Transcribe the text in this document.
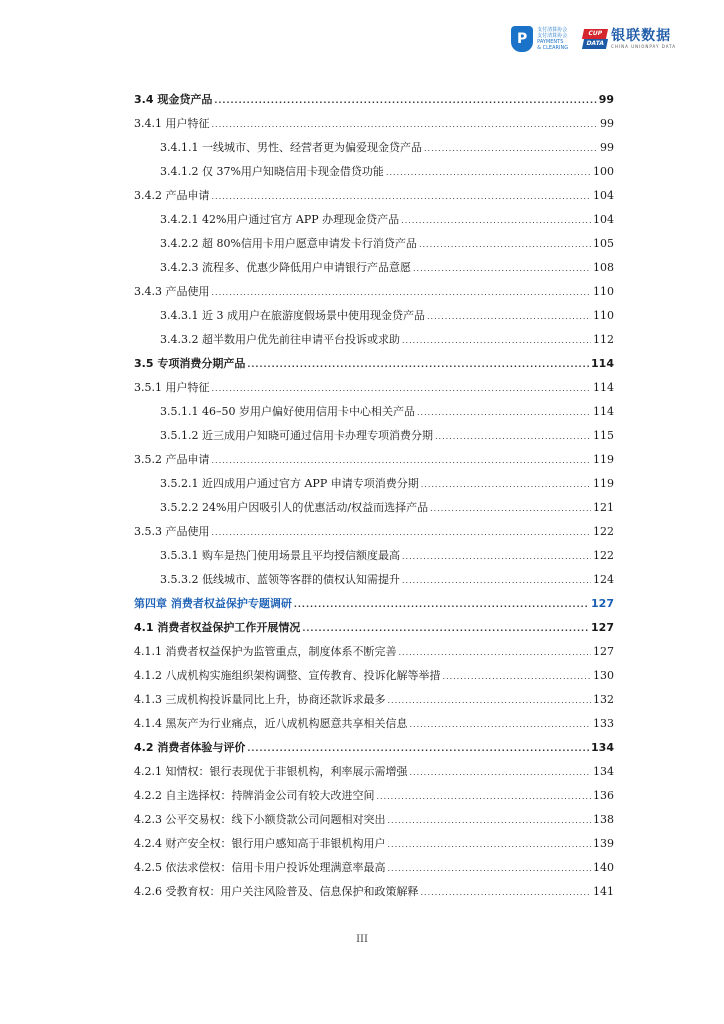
P
支付清算协会
支付清算协会
PAYMENTS
& CLEARING
CUP
DATA 银联数据
CHINA UNIONPAY DATA
3.4 现金贷产品 .....	99
3.4.1 用户特征 .....	99
3.4.1.1 一线城市、男性、经营者更为偏爱现金贷产品 .....	99
3.4.1.2 仅 37%用户知晓信用卡现金借贷功能 .....	100
3.4.2 产品申请 .....	104
3.4.2.1 42%用户通过官方 APP 办理现金贷产品 .....	104
3.4.2.2 超 80%信用卡用户愿意申请发卡行消贷产品 .....	105
3.4.2.3 流程多、优惠少降低用户申请银行产品意愿 .....	108
3.4.3 产品使用 .....	110
3.4.3.1 近 3 成用户在旅游度假场景中使用现金贷产品 .....	110
3.4.3.2 超半数用户优先前往申请平台投诉或求助 .....	112
3.5 专项消费分期产品 .....	114
3.5.1 用户特征 .....	114
3.5.1.1 46–50 岁用户偏好使用信用卡中心相关产品 .....	114
3.5.1.2 近三成用户知晓可通过信用卡办理专项消费分期 .....	115
3.5.2 产品申请 .....	119
3.5.2.1 近四成用户通过官方 APP 申请专项消费分期 .....	119
3.5.2.2 24%用户因吸引人的优惠活动/权益而选择产品 .....	121
3.5.3 产品使用 .....	122
3.5.3.1 购车是热门使用场景且平均授信额度最高 .....	122
3.5.3.2 低线城市、蓝领等客群的债权认知需提升 .....	124
第四章 消费者权益保护专题调研 .....	127
4.1 消费者权益保护工作开展情况 .....	127
4.1.1 消费者权益保护为监管重点，制度体系不断完善 .....	127
4.1.2 八成机构实施组织架构调整、宣传教育、投诉化解等举措 .....	130
4.1.3 三成机构投诉量同比上升，协商还款诉求最多 .....	132
4.1.4 黑灰产为行业痛点，近八成机构愿意共享相关信息 .....	133
4.2 消费者体验与评价 .....	134
4.2.1 知情权：银行表现优于非银机构，利率展示需增强 .....	134
4.2.2 自主选择权：持牌消金公司有较大改进空间 .....	136
4.2.3 公平交易权：线下小额贷款公司问题相对突出 .....	138
4.2.4 财产安全权：银行用户感知高于非银机构用户 .....	139
4.2.5 依法求偿权：信用卡用户投诉处理满意率最高 .....	140
4.2.6 受教育权：用户关注风险普及、信息保护和政策解释 .....	141
III
